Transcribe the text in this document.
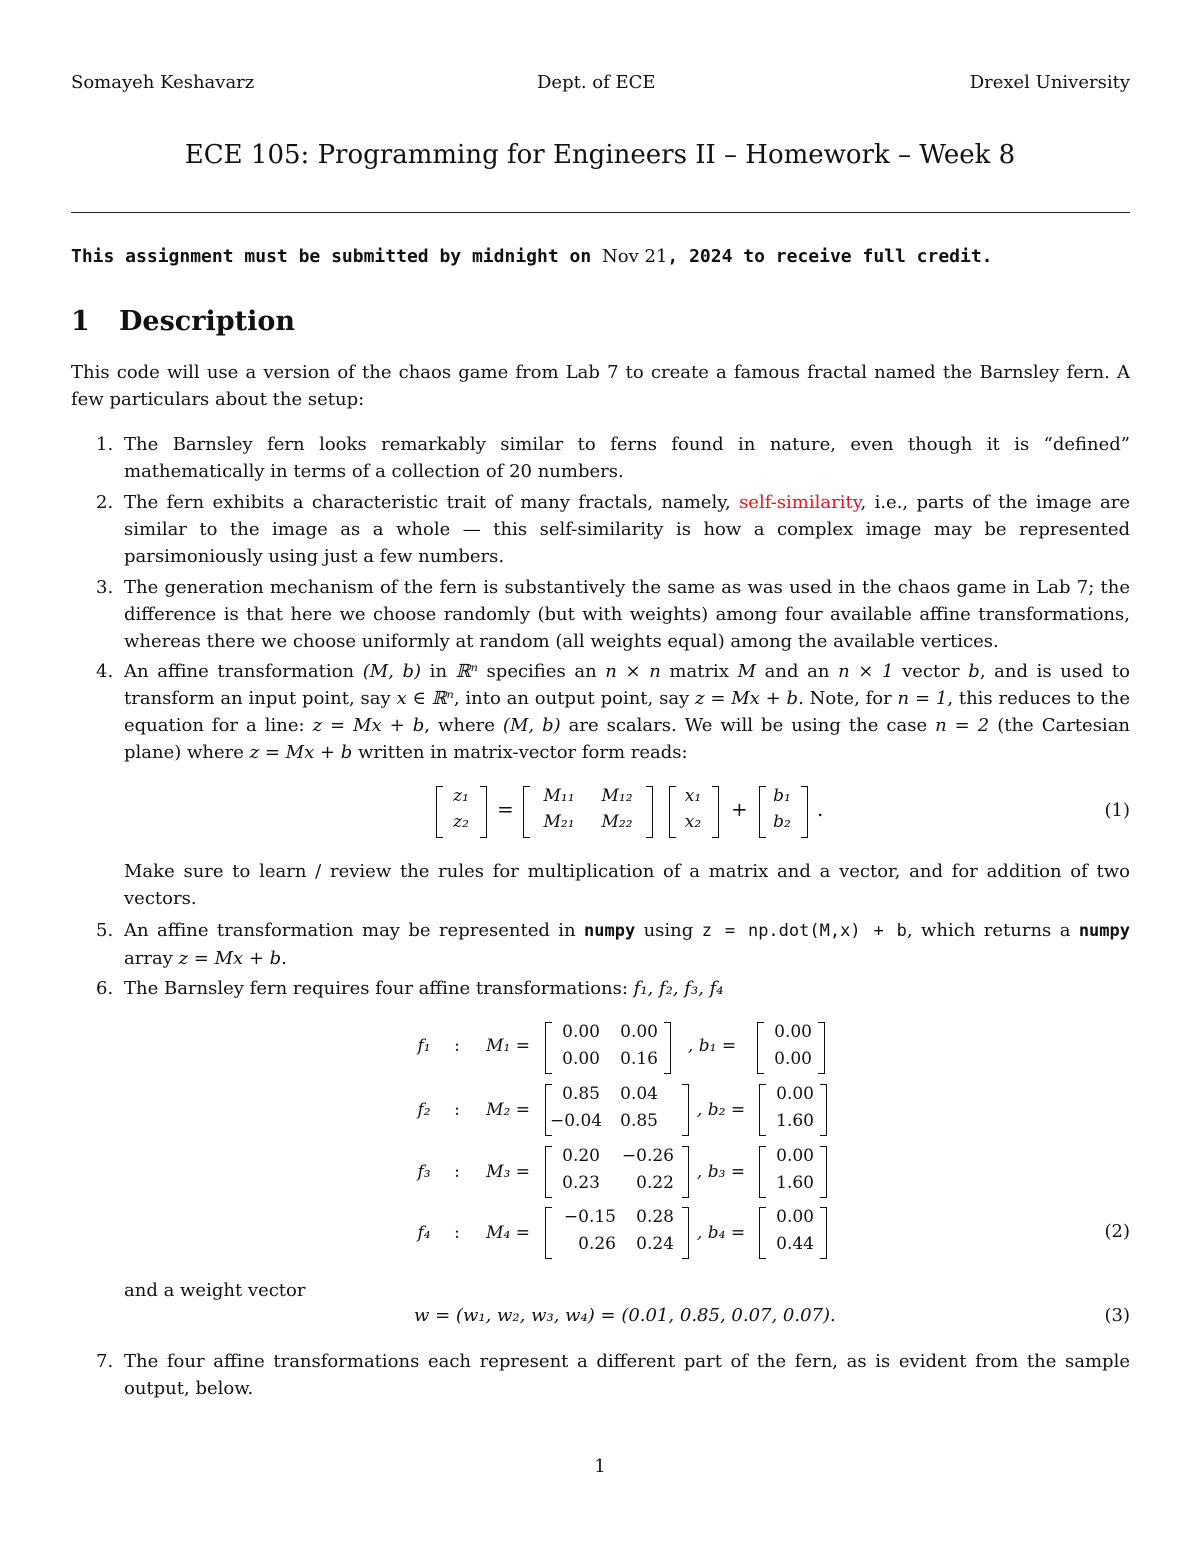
Somayeh Keshavarz	Dept. of ECE	Drexel University
ECE 105: Programming for Engineers II – Homework – Week 8
This assignment must be submitted by midnight on Nov 21, 2024 to receive full credit.
1 Description
This code will use a version of the chaos game from Lab 7 to create a famous fractal named the Barnsley fern. A few particulars about the setup:
1. The Barnsley fern looks remarkably similar to ferns found in nature, even though it is “defined” mathematically in terms of a collection of 20 numbers.
2. The fern exhibits a characteristic trait of many fractals, namely, self-similarity, i.e., parts of the image are similar to the image as a whole — this self-similarity is how a complex image may be represented parsimoniously using just a few numbers.
3. The generation mechanism of the fern is substantively the same as was used in the chaos game in Lab 7; the difference is that here we choose randomly (but with weights) among four available affine transformations, whereas there we choose uniformly at random (all weights equal) among the available vertices.
4. An affine transformation (M, b) in ℝⁿ specifies an n × n matrix M and an n × 1 vector b, and is used to transform an input point, say x ∈ ℝⁿ, into an output point, say z = Mx + b. Note, for n = 1, this reduces to the equation for a line: z = Mx + b, where (M, b) are scalars. We will be using the case n = 2 (the Cartesian plane) where z = Mx + b written in matrix-vector form reads:
z₁
z₂
=
M₁₁	M₁₂
M₂₁	M₂₂
x₁
x₂
+
b₁
b₂
.	(1)
Make sure to learn / review the rules for multiplication of a matrix and a vector, and for addition of two vectors.
5. An affine transformation may be represented in numpy using z = np.dot(M,x) + b, which returns a numpy array z = Mx + b.
6. The Barnsley fern requires four affine transformations: f₁, f₂, f₃, f₄
f₁	:	M₁ =
0.00	0.00
0.00	0.16
, b₁ =
0.00
0.00
f₂	:	M₂ =
0.85	0.04
−0.04	0.85
, b₂ =
0.00
1.60
f₃	:	M₃ =
0.20	−0.26
0.23	0.22
, b₃ =
0.00
1.60
f₄	:	M₄ =
−0.15	0.28
0.26	0.24
, b₄ =
0.00
0.44
(2)
and a weight vector
w = (w₁, w₂, w₃, w₄) = (0.01, 0.85, 0.07, 0.07).	(3)
7. The four affine transformations each represent a different part of the fern, as is evident from the sample output, below.
1
